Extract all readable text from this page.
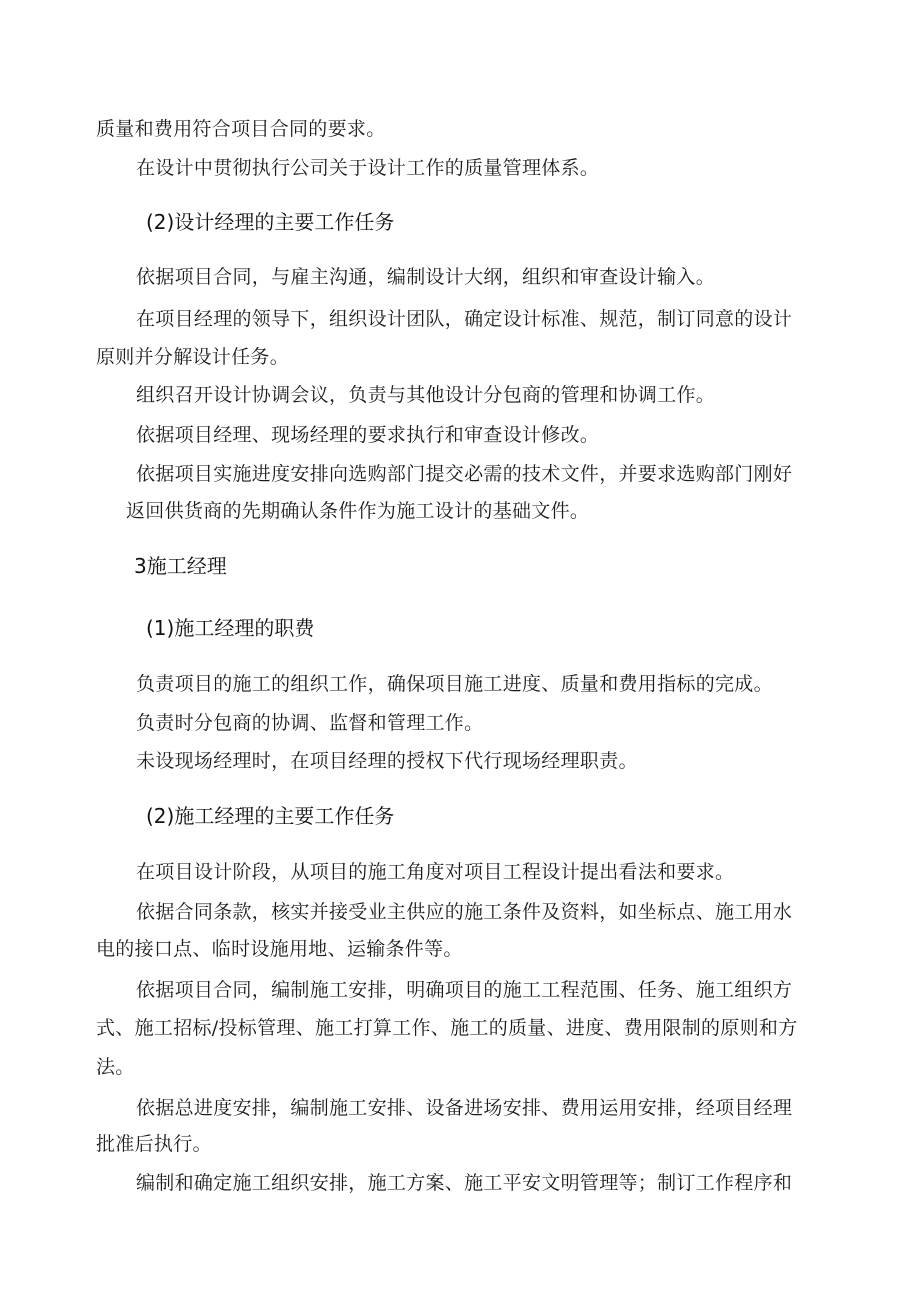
质量和费用符合项目合同的要求。
在设计中贯彻执行公司关于设计工作的质量管理体系。
(2)设计经理的主要工作任务
依据项目合同，与雇主沟通，编制设计大纲，组织和审查设计输入。
在项目经理的领导下，组织设计团队，确定设计标准、规范，制订同意的设计
原则并分解设计任务。
组织召开设计协调会议，负责与其他设计分包商的管理和协调工作。
依据项目经理、现场经理的要求执行和审查设计修改。
依据项目实施进度安排向选购部门提交必需的技术文件，并要求选购部门刚好
返回供货商的先期确认条件作为施工设计的基础文件。
3施工经理
(1)施工经理的职费
负责项目的施工的组织工作，确保项目施工进度、质量和费用指标的完成。
负责时分包商的协调、监督和管理工作。
未设现场经理时，在项目经理的授权下代行现场经理职责。
(2)施工经理的主要工作任务
在项目设计阶段，从项目的施工角度对项目工程设计提出看法和要求。
依据合同条款，核实并接受业主供应的施工条件及资料，如坐标点、施工用水
电的接口点、临时设施用地、运输条件等。
依据项目合同，编制施工安排，明确项目的施工工程范围、任务、施工组织方
式、施工招标/投标管理、施工打算工作、施工的质量、进度、费用限制的原则和方
法。
依据总进度安排，编制施工安排、设备进场安排、费用运用安排，经项目经理
批准后执行。
编制和确定施工组织安排，施工方案、施工平安文明管理等；制订工作程序和
